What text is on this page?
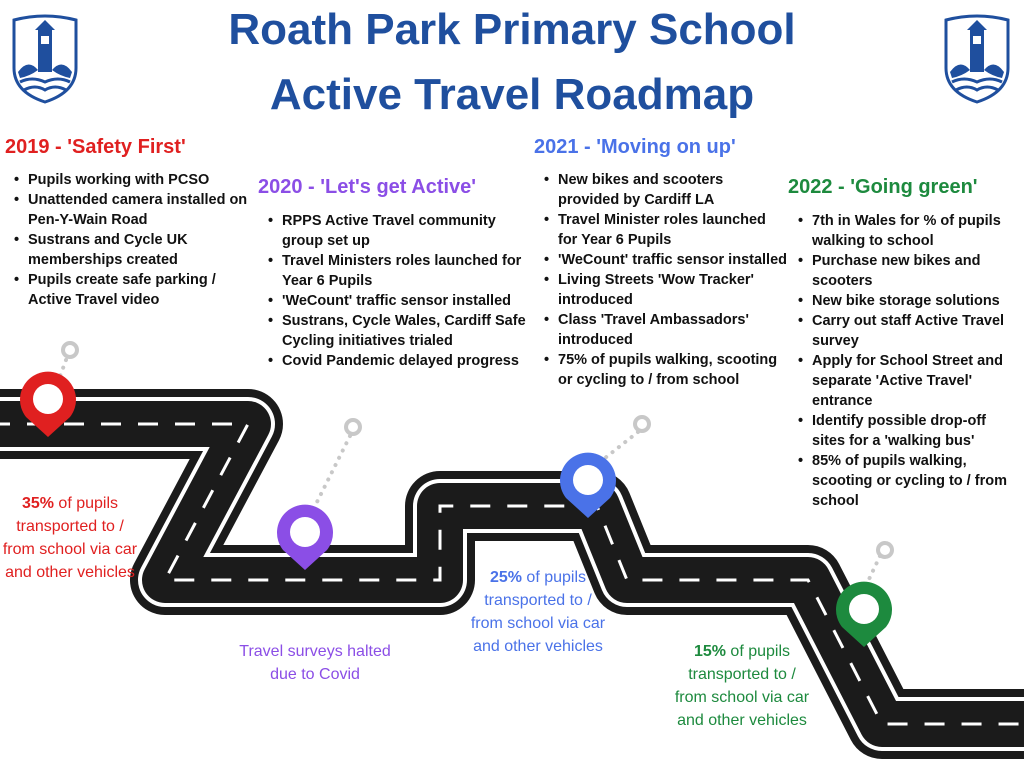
Roath Park Primary School
Active Travel Roadmap
2019 - 'Safety First'
2020 - 'Let's get Active'
2021 - 'Moving on up'
2022 - 'Going green'
• Pupils working with PCSO
• Unattended camera installed on Pen-Y-Wain Road
• Sustrans and Cycle UK memberships created
• Pupils create safe parking / Active Travel video
• RPPS Active Travel community group set up
• Travel Ministers roles launched for Year 6 Pupils
• 'WeCount' traffic sensor installed
• Sustrans, Cycle Wales, Cardiff Safe Cycling initiatives trialed
• Covid Pandemic delayed progress
• New bikes and scooters provided by Cardiff LA
• Travel Minister roles launched for Year 6 Pupils
• 'WeCount' traffic sensor installed
• Living Streets 'Wow Tracker' introduced
• Class 'Travel Ambassadors' introduced
• 75% of pupils walking, scooting or cycling to / from school
• 7th in Wales for % of pupils walking to school
• Purchase new bikes and scooters
• New bike storage solutions
• Carry out staff Active Travel survey
• Apply for School Street and separate 'Active Travel' entrance
• Identify possible drop-off sites for a 'walking bus'
• 85% of pupils walking, scooting or cycling to / from school
35% of pupils transported to / from school via car and other vehicles
Travel surveys halted due to Covid
25% of pupils transported to / from school via car and other vehicles	15% of pupils transported to / from school via car and other vehicles
